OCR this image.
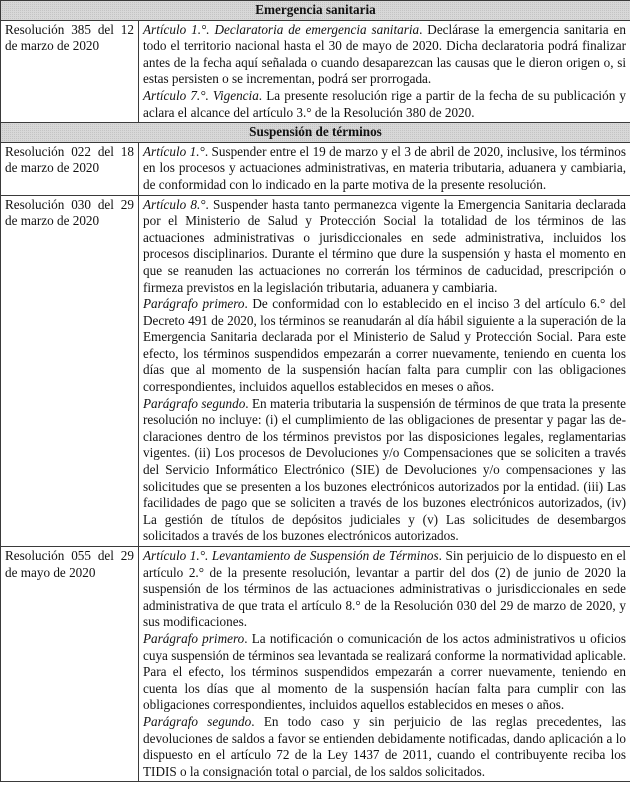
Emergencia sanitaria	
Resolución 385 del 12 de marzo de 2020	Artículo 1.°. Declaratoria de emergencia sanitaria. Declárase la emergencia sanitaria en todo el territorio nacional hasta el 30 de mayo de 2020. Dicha declaratoria podrá finalizar antes de la fecha aquí señalada o cuando desaparezcan las causas que le dieron origen o, si estas persisten o se incrementan, podrá ser prorrogada.
Artículo 7.°. Vigencia. La presente resolución rige a partir de la fecha de su publicación y aclara el alcance del artículo 3.° de la Resolución 380 de 2020.

Suspensión de términos	
Resolución 022 del 18 de marzo de 2020	Artículo 1.°. Suspender entre el 19 de marzo y el 3 de abril de 2020, inclusive, los términos en los procesos y actuaciones administrativas, en materia tributaria, aduanera y cambiaria, de conformidad con lo indicado en la parte motiva de la presente resolución.

Resolución 030 del 29 de marzo de 2020	Artículo 8.°. Suspender hasta tanto permanezca vigente la Emergencia Sanitaria declarada por el Ministerio de Salud y Protección Social la totalidad de los términos de las actuaciones administrativas o jurisdiccionales en sede administrativa, incluidos los procesos disciplinarios. Durante el término que dure la suspensión y hasta el momento en que se reanuden las actuaciones no correrán los términos de caducidad, prescripción o firmeza previstos en la legislación tributaria, aduanera y cambiaria.
Parágrafo primero. De conformidad con lo establecido en el inciso 3 del artículo 6.° del Decreto 491 de 2020, los términos se reanudarán al día hábil siguiente a la superación de la Emergencia Sanitaria declarada por el Ministerio de Salud y Protección Social. Para este efecto, los términos suspendidos empezarán a correr nuevamente, teniendo en cuenta los días que al momento de la suspensión hacían falta para cumplir con las obligaciones correspondientes, incluidos aquellos establecidos en meses o años.
Parágrafo segundo. En materia tributaria la suspensión de términos de que trata la presente resolución no incluye: (i) el cumplimiento de las obligaciones de presentar y pagar las declaraciones dentro de los términos previstos por las disposiciones legales, reglamentarias vigentes. (ii) Los procesos de Devoluciones y/o Compensaciones que se soliciten a través del Servicio Informático Electrónico (SIE) de Devoluciones y/o compensaciones y las solicitudes que se presenten a los buzones electrónicos autorizados por la entidad. (iii) Las facilidades de pago que se soliciten a través de los buzones electrónicos autorizados, (iv) La gestión de títulos de depósitos judiciales y (v) Las solicitudes de desembargos solicitados a través de los buzones electrónicos autorizados.

Resolución 055 del 29 de mayo de 2020	Artículo 1.°. Levantamiento de Suspensión de Términos. Sin perjuicio de lo dispuesto en el artículo 2.° de la presente resolución, levantar a partir del dos (2) de junio de 2020 la suspensión de los términos de las actuaciones administrativas o jurisdiccionales en sede administrativa de que trata el artículo 8.° de la Resolución 030 del 29 de marzo de 2020, y sus modificaciones.
Parágrafo primero. La notificación o comunicación de los actos administrativos u oficios cuya suspensión de términos sea levantada se realizará conforme la normatividad aplicable. Para el efecto, los términos suspendidos empezarán a correr nuevamente, teniendo en cuenta los días que al momento de la suspensión hacían falta para cumplir con las obligaciones correspondientes, incluidos aquellos establecidos en meses o años.
Parágrafo segundo. En todo caso y sin perjuicio de las reglas precedentes, las devoluciones de saldos a favor se entienden debidamente notificadas, dando aplicación a lo dispuesto en el artículo 72 de la Ley 1437 de 2011, cuando el contribuyente reciba los TIDIS o la consignación total o parcial, de los saldos solicitados.
